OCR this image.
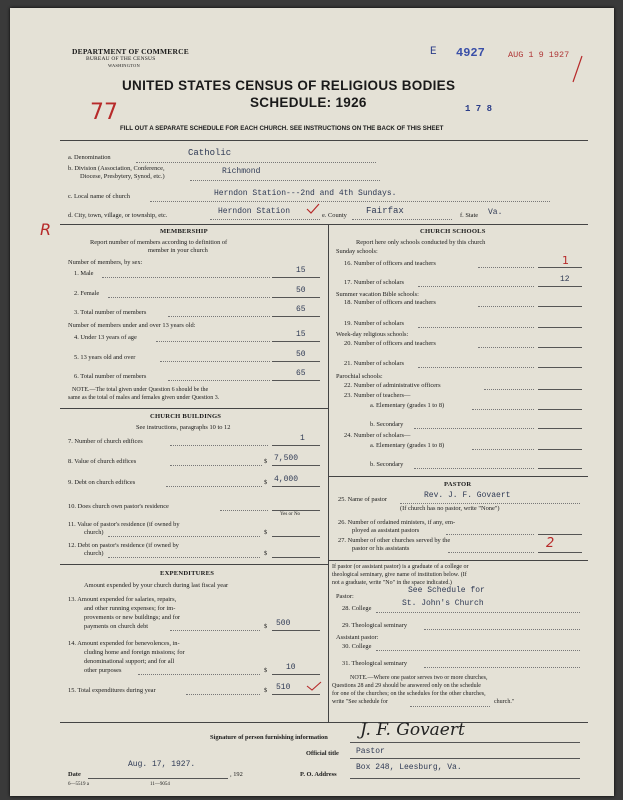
DEPARTMENT OF COMMERCE
BUREAU OF THE CENSUS
WASHINGTON
E 4927	AUG 1 9 1927
UNITED STATES CENSUS OF RELIGIOUS BODIES
SCHEDULE: 1926
77	1 7 8
FILL OUT A SEPARATE SCHEDULE FOR EACH CHURCH. SEE INSTRUCTIONS ON THE BACK OF THIS SHEET
a. Denomination	Catholic
b. Division (Association, Conference,
Diocese, Presbytery, Synod, etc.)
Richmond
c. Local name of church	Herndon Station---2nd and 4th Sundays.
R
d. City, town, village, or township, etc.	Herndon Station	e. County Fairfax	f. State Va.
MEMBERSHIP
Report number of members according to definition of
member in your church
Number of members, by sex:
1. Male	15
2. Female	50
3. Total number of members	65
Number of members under and over 13 years old:
4. Under 13 years of age	15
5. 13 years old and over	50
6. Total number of members	65
NOTE.—The total given under Question 6 should be the
same as the total of males and females given under Question 3.
CHURCH BUILDINGS
See instructions, paragraphs 10 to 12
7. Number of church edifices	1
8. Value of church edifices	$ 7,500
9. Debt on church edifices	$ 4,000
10. Does church own pastor's residence
Yes or No
11. Value of pastor's residence (if owned by
church)	$
12. Debt on pastor's residence (if owned by
church)	$
EXPENDITURES
Amount expended by your church during last fiscal year
13. Amount expended for salaries, repairs,
and other running expenses; for im-
provements or new buildings; and for
payments on church debt	$ 500
14. Amount expended for benevolences, in-
cluding home and foreign missions; for
denominational support; and for all
other purposes	$ 10
15. Total expenditures during year	$ 510
CHURCH SCHOOLS
Report here only schools conducted by this church
Sunday schools:
16. Number of officers and teachers	1
17. Number of scholars	12
Summer vacation Bible schools:
18. Number of officers and teachers
19. Number of scholars
Week-day religious schools:
20. Number of officers and teachers
21. Number of scholars
Parochial schools:
22. Number of administrative officers
23. Number of teachers—
a. Elementary (grades 1 to 8)
b. Secondary
24. Number of scholars—
a. Elementary (grades 1 to 8)
b. Secondary
PASTOR
25. Name of pastor	Rev. J. F. Govaert
(If church has no pastor, write "None")
26. Number of ordained ministers, if any, em-
ployed as assistant pastors
27. Number of other churches served by the
pastor or his assistants	2
If pastor (or assistant pastor) is a graduate of a college or
theological seminary, give name of institution below. (If
not a graduate, write "No" in the space indicated.)
Pastor:
See Schedule for
28. College
St. John's Church
29. Theological seminary
Assistant pastor:
30. College
31. Theological seminary
NOTE.—Where one pastor serves two or more churches,
Questions 28 and 29 should be answered only on the schedule
for one of the churches; on the schedules for the other churches,
write "See schedule for	church."
Signature of person furnishing information J. F. Govaert
Official title Pastor
Date
Aug. 17, 1927.
, 192	P. O. Address
Box 248, Leesburg, Va.
6—5519 a	11—9054
